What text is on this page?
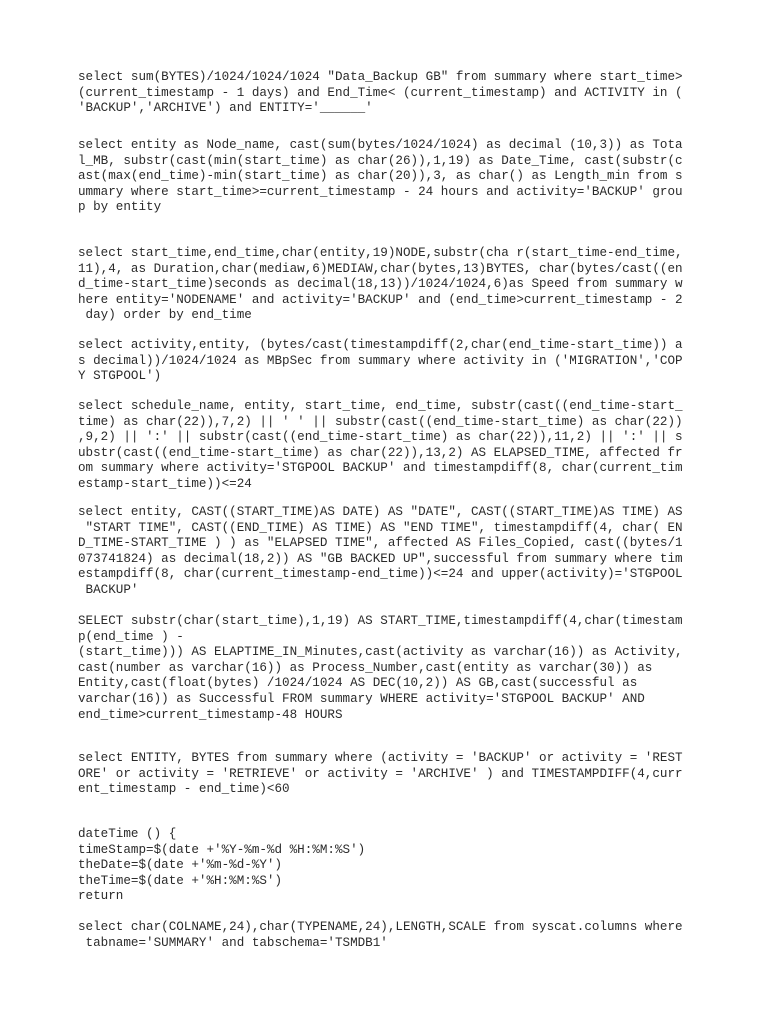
select sum(BYTES)/1024/1024/1024 "Data_Backup GB" from summary where start_time>
(current_timestamp - 1 days) and End_Time< (current_timestamp) and ACTIVITY in (
'BACKUP','ARCHIVE') and ENTITY='______'
select entity as Node_name, cast(sum(bytes/1024/1024) as decimal (10,3)) as Tota
l_MB, substr(cast(min(start_time) as char(26)),1,19) as Date_Time, cast(substr(c
ast(max(end_time)-min(start_time) as char(20)),3, as char() as Length_min from s
ummary where start_time>=current_timestamp - 24 hours and activity='BACKUP' grou
p by entity
select start_time,end_time,char(entity,19)NODE,substr(cha r(start_time-end_time,
11),4, as Duration,char(mediaw,6)MEDIAW,char(bytes,13)BYTES, char(bytes/cast((en
d_time-start_time)seconds as decimal(18,13))/1024/1024,6)as Speed from summary w
here entity='NODENAME' and activity='BACKUP' and (end_time>current_timestamp - 2
day) order by end_time
select activity,entity, (bytes/cast(timestampdiff(2,char(end_time-start_time)) a
s decimal))/1024/1024 as MBpSec from summary where activity in ('MIGRATION','COP
Y STGPOOL')
select schedule_name, entity, start_time, end_time, substr(cast((end_time-start_
time) as char(22)),7,2) || ' ' || substr(cast((end_time-start_time) as char(22))
,9,2) || ':' || substr(cast((end_time-start_time) as char(22)),11,2) || ':' || s
ubstr(cast((end_time-start_time) as char(22)),13,2) AS ELAPSED_TIME, affected fr
om summary where activity='STGPOOL BACKUP' and timestampdiff(8, char(current_tim
estamp-start_time))<=24
select entity, CAST((START_TIME)AS DATE) AS "DATE", CAST((START_TIME)AS TIME) AS
"START TIME", CAST((END_TIME) AS TIME) AS "END TIME", timestampdiff(4, char( EN
D_TIME-START_TIME ) ) as "ELAPSED TIME", affected AS Files_Copied, cast((bytes/1
073741824) as decimal(18,2)) AS "GB BACKED UP",successful from summary where tim
estampdiff(8, char(current_timestamp-end_time))<=24 and upper(activity)='STGPOOL
BACKUP'
SELECT substr(char(start_time),1,19) AS START_TIME,timestampdiff(4,char(timestam
p(end_time ) -
(start_time))) AS ELAPTIME_IN_Minutes,cast(activity as varchar(16)) as Activity,
cast(number as varchar(16)) as Process_Number,cast(entity as varchar(30)) as
Entity,cast(float(bytes) /1024/1024 AS DEC(10,2)) AS GB,cast(successful as
varchar(16)) as Successful FROM summary WHERE activity='STGPOOL BACKUP' AND
end_time>current_timestamp-48 HOURS
select ENTITY, BYTES from summary where (activity = 'BACKUP' or activity = 'REST
ORE' or activity = 'RETRIEVE' or activity = 'ARCHIVE' ) and TIMESTAMPDIFF(4,curr
ent_timestamp - end_time)<60
dateTime () {
timeStamp=$(date +'%Y-%m-%d %H:%M:%S')
theDate=$(date +'%m-%d-%Y')
theTime=$(date +'%H:%M:%S')
return
select char(COLNAME,24),char(TYPENAME,24),LENGTH,SCALE from syscat.columns where
tabname='SUMMARY' and tabschema='TSMDB1'
